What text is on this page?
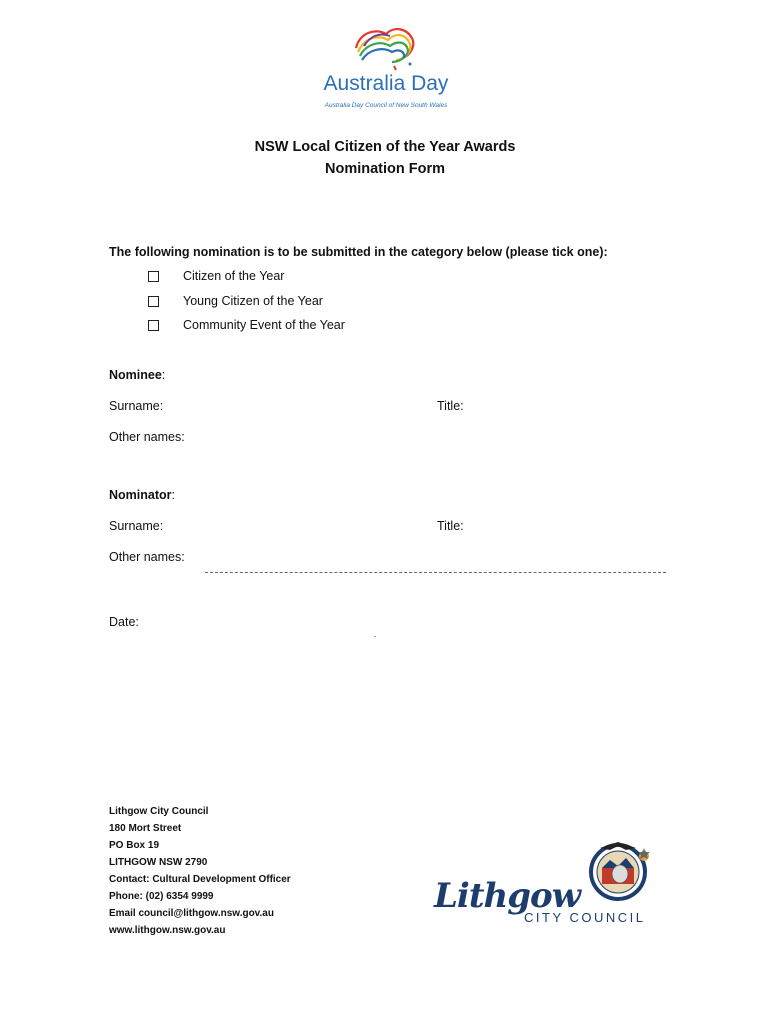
Australia Day
Australia Day Council of New South Wales
NSW Local Citizen of the Year Awards
Nomination Form
The following nomination is to be submitted in the category below (please tick one):
Citizen of the Year
Young Citizen of the Year
Community Event of the Year
Nominee:
Surname:	Title:
Other names:
Nominator:
Surname:	Title:
Other names:
Date:
Lithgow City Council
180 Mort Street
PO Box 19
LITHGOW NSW 2790
Contact: Cultural Development Officer
Phone: (02) 6354 9999
Email council@lithgow.nsw.gov.au
www.lithgow.nsw.gov.au
Lithgow
CITY COUNCIL
